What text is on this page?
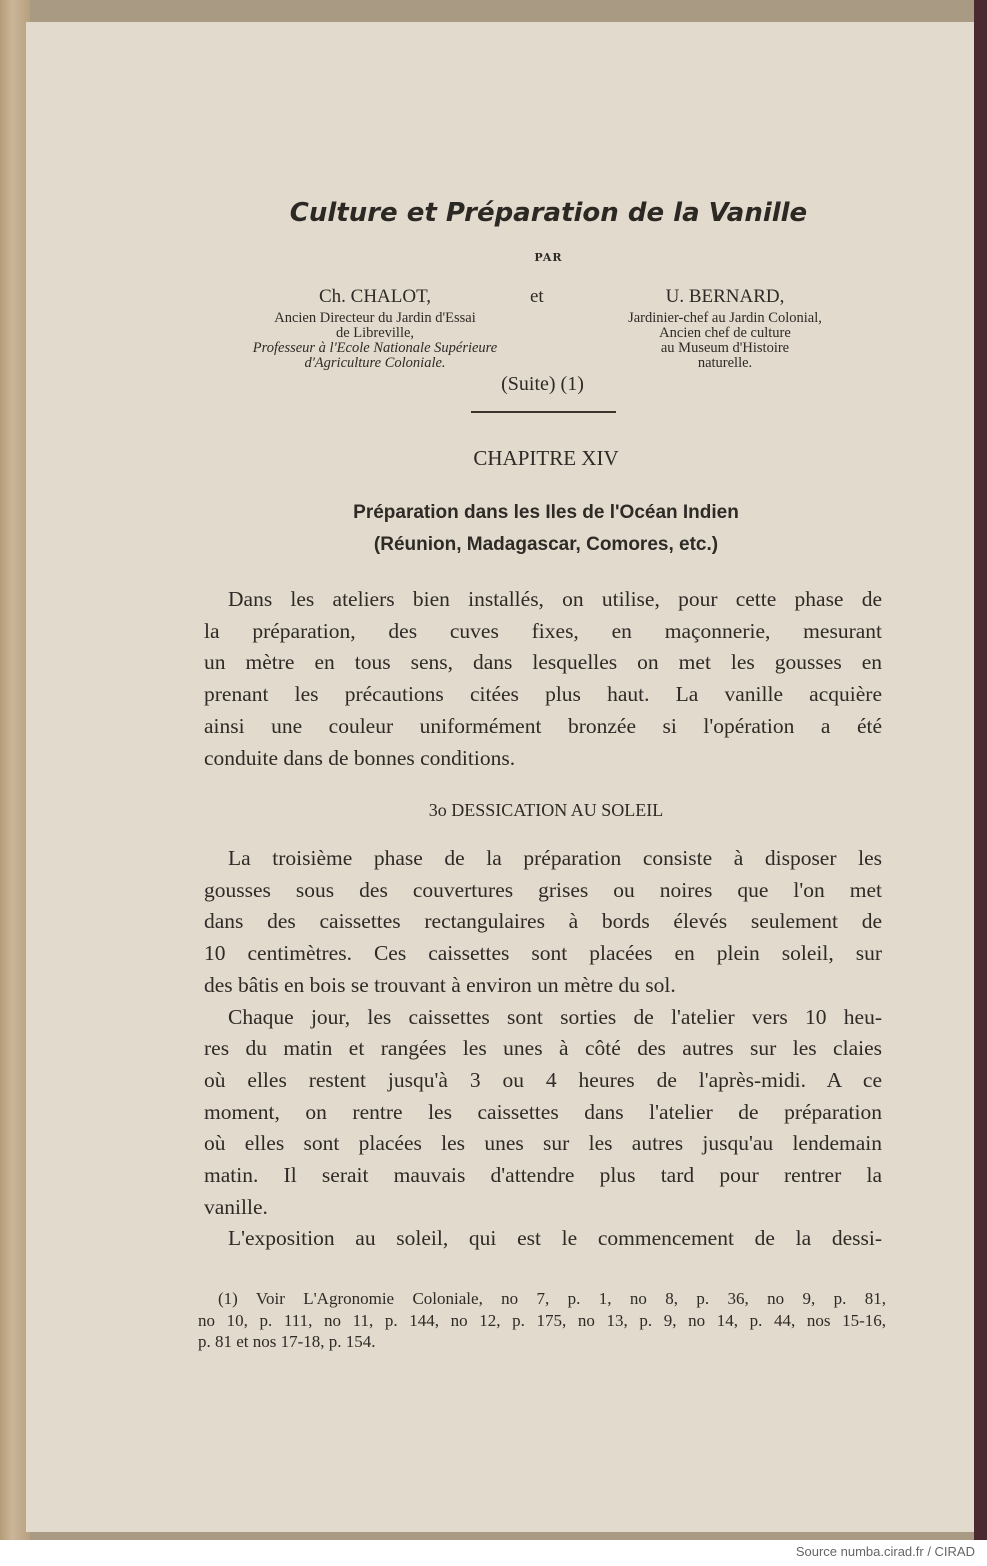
Culture et Préparation de la Vanille
PAR
Ch. CHALOT,
Ancien Directeur du Jardin d'Essai
de Libreville,
Professeur à l'Ecole Nationale Supérieure
d'Agriculture Coloniale.
et	U. BERNARD,
Jardinier-chef au Jardin Colonial,
Ancien chef de culture
au Museum d'Histoire
naturelle.
(Suite) (1)
CHAPITRE XIV
Préparation dans les Iles de l'Océan Indien
(Réunion, Madagascar, Comores, etc.)
Dans les ateliers bien installés, on utilise, pour cette phase de
la préparation, des cuves fixes, en maçonnerie, mesurant
un mètre en tous sens, dans lesquelles on met les gousses en
prenant les précautions citées plus haut. La vanille acquière
ainsi une couleur uniformément bronzée si l'opération a été
conduite dans de bonnes conditions.
3o DESSICATION AU SOLEIL
La troisième phase de la préparation consiste à disposer les
gousses sous des couvertures grises ou noires que l'on met
dans des caissettes rectangulaires à bords élevés seulement de
10 centimètres. Ces caissettes sont placées en plein soleil, sur
des bâtis en bois se trouvant à environ un mètre du sol.
Chaque jour, les caissettes sont sorties de l'atelier vers 10 heu-
res du matin et rangées les unes à côté des autres sur les claies
où elles restent jusqu'à 3 ou 4 heures de l'après-midi. A ce
moment, on rentre les caissettes dans l'atelier de préparation
où elles sont placées les unes sur les autres jusqu'au lendemain
matin. Il serait mauvais d'attendre plus tard pour rentrer la
vanille.
L'exposition au soleil, qui est le commencement de la dessi-
(1) Voir L'Agronomie Coloniale, no 7, p. 1, no 8, p. 36, no 9, p. 81,
no 10, p. 111, no 11, p. 144, no 12, p. 175, no 13, p. 9, no 14, p. 44, nos 15-16,
p. 81 et nos 17-18, p. 154.
Source numba.cirad.fr / CIRAD
